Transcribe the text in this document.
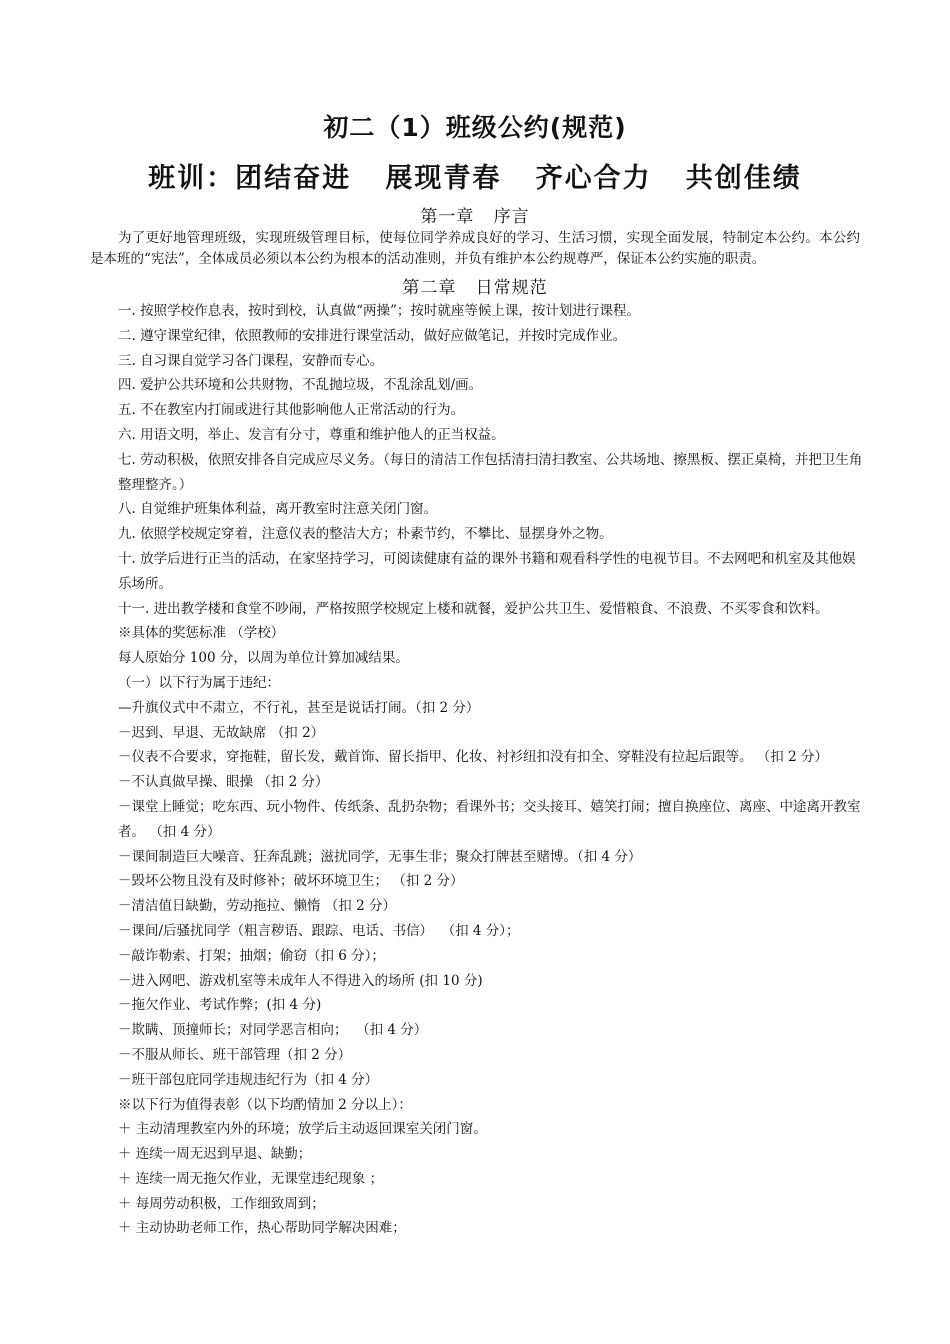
初二（1）班级公约(规范)
班训：团结奋进   展现青春   齐心合力   共创佳绩
第一章   序言
为了更好地管理班级，实现班级管理目标，使每位同学养成良好的学习、生活习惯，实现全面发展，特制定本公约。本公约是本班的“宪法”，全体成员必须以本公约为根本的活动准则，并负有维护本公约规尊严，保证本公约实施的职责。
第二章   日常规范
一. 按照学校作息表，按时到校，认真做“两操”；按时就座等候上课，按计划进行课程。
二. 遵守课堂纪律，依照教师的安排进行课堂活动，做好应做笔记，并按时完成作业。
三. 自习课自觉学习各门课程，安静而专心。
四. 爱护公共环境和公共财物，不乱抛垃圾，不乱涂乱划/画。
五. 不在教室内打闹或进行其他影响他人正常活动的行为。
六. 用语文明，举止、发言有分寸，尊重和维护他人的正当权益。
七. 劳动积极，依照安排各自完成应尽义务。（每日的清洁工作包括清扫清扫教室、公共场地、擦黑板、摆正桌椅，并把卫生角整理整齐。）
八. 自觉维护班集体利益，离开教室时注意关闭门窗。
九. 依照学校规定穿着，注意仪表的整洁大方；朴素节约，不攀比、显摆身外之物。
十. 放学后进行正当的活动，在家坚持学习，可阅读健康有益的课外书籍和观看科学性的电视节目。不去网吧和机室及其他娱乐场所。
十一. 进出教学楼和食堂不吵闹，严格按照学校规定上楼和就餐，爱护公共卫生、爱惜粮食、不浪费、不买零食和饮料。
※具体的奖惩标准 （学校）
每人原始分 100 分，以周为单位计算加减结果。
（一）以下行为属于违纪：
—升旗仪式中不肃立，不行礼，甚至是说话打闹。（扣 2 分）
－迟到、早退、无故缺席 （扣 2）
－仪表不合要求，穿拖鞋，留长发，戴首饰、留长指甲、化妆、衬衫纽扣没有扣全、穿鞋没有拉起后跟等。 （扣 2 分）
－不认真做早操、眼操 （扣 2 分）
－课堂上睡觉；吃东西、玩小物件、传纸条、乱扔杂物；看课外书；交头接耳、嬉笑打闹；擅自换座位、离座、中途离开教室者。 （扣 4 分）
－课间制造巨大噪音、狂奔乱跳；滋扰同学，无事生非；聚众打牌甚至赌博。（扣 4 分）
－毁坏公物且没有及时修补；破坏环境卫生； （扣 2 分）
－清洁值日缺勤，劳动拖拉、懒惰 （扣 2 分）
－课间/后骚扰同学（粗言秽语、跟踪、电话、书信）  （扣 4 分）；
－敲诈勒索、打架；抽烟；偷窃（扣 6 分）；
－进入网吧、游戏机室等未成年人不得进入的场所 (扣 10 分)
－拖欠作业、考试作弊；(扣 4 分)
－欺瞒、顶撞师长；对同学恶言相向；  （扣 4 分）
－不服从师长、班干部管理（扣 2 分）
－班干部包庇同学违规违纪行为（扣 4 分）
※以下行为值得表彰（以下均酌情加 2 分以上）：
＋ 主动清理教室内外的环境；放学后主动返回课室关闭门窗。
＋ 连续一周无迟到早退、缺勤；
＋ 连续一周无拖欠作业，无课堂违纪现象 ；
＋ 每周劳动积极，工作细致周到；
＋ 主动协助老师工作，热心帮助同学解决困难；
